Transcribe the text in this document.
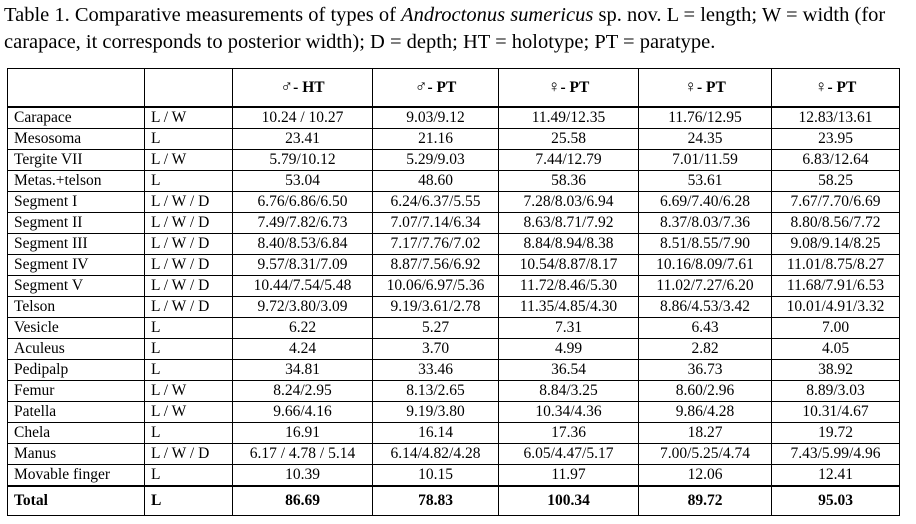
Table 1. Comparative measurements of types of Androctonus sumericus sp. nov. L = length; W = width (for carapace, it corresponds to posterior width); D = depth; HT = holotype; PT = paratype.

		♂- HT	♂- PT	♀- PT	♀- PT	♀- PT
Carapace	L / W	10.24 / 10.27	9.03/9.12	11.49/12.35	11.76/12.95	12.83/13.61
Mesosoma	L	23.41	21.16	25.58	24.35	23.95
Tergite VII	L / W	5.79/10.12	5.29/9.03	7.44/12.79	7.01/11.59	6.83/12.64
Metas.+telson	L	53.04	48.60	58.36	53.61	58.25
Segment I	L / W / D	6.76/6.86/6.50	6.24/6.37/5.55	7.28/8.03/6.94	6.69/7.40/6.28	7.67/7.70/6.69
Segment II	L / W / D	7.49/7.82/6.73	7.07/7.14/6.34	8.63/8.71/7.92	8.37/8.03/7.36	8.80/8.56/7.72
Segment III	L / W / D	8.40/8.53/6.84	7.17/7.76/7.02	8.84/8.94/8.38	8.51/8.55/7.90	9.08/9.14/8.25
Segment IV	L / W / D	9.57/8.31/7.09	8.87/7.56/6.92	10.54/8.87/8.17	10.16/8.09/7.61	11.01/8.75/8.27
Segment V	L / W / D	10.44/7.54/5.48	10.06/6.97/5.36	11.72/8.46/5.30	11.02/7.27/6.20	11.68/7.91/6.53
Telson	L / W / D	9.72/3.80/3.09	9.19/3.61/2.78	11.35/4.85/4.30	8.86/4.53/3.42	10.01/4.91/3.32
Vesicle	L	6.22	5.27	7.31	6.43	7.00
Aculeus	L	4.24	3.70	4.99	2.82	4.05
Pedipalp	L	34.81	33.46	36.54	36.73	38.92
Femur	L / W	8.24/2.95	8.13/2.65	8.84/3.25	8.60/2.96	8.89/3.03
Patella	L / W	9.66/4.16	9.19/3.80	10.34/4.36	9.86/4.28	10.31/4.67
Chela	L	16.91	16.14	17.36	18.27	19.72
Manus	L / W / D	6.17 / 4.78 / 5.14	6.14/4.82/4.28	6.05/4.47/5.17	7.00/5.25/4.74	7.43/5.99/4.96
Movable finger	L	10.39	10.15	11.97	12.06	12.41
Total	L	86.69	78.83	100.34	89.72	95.03
